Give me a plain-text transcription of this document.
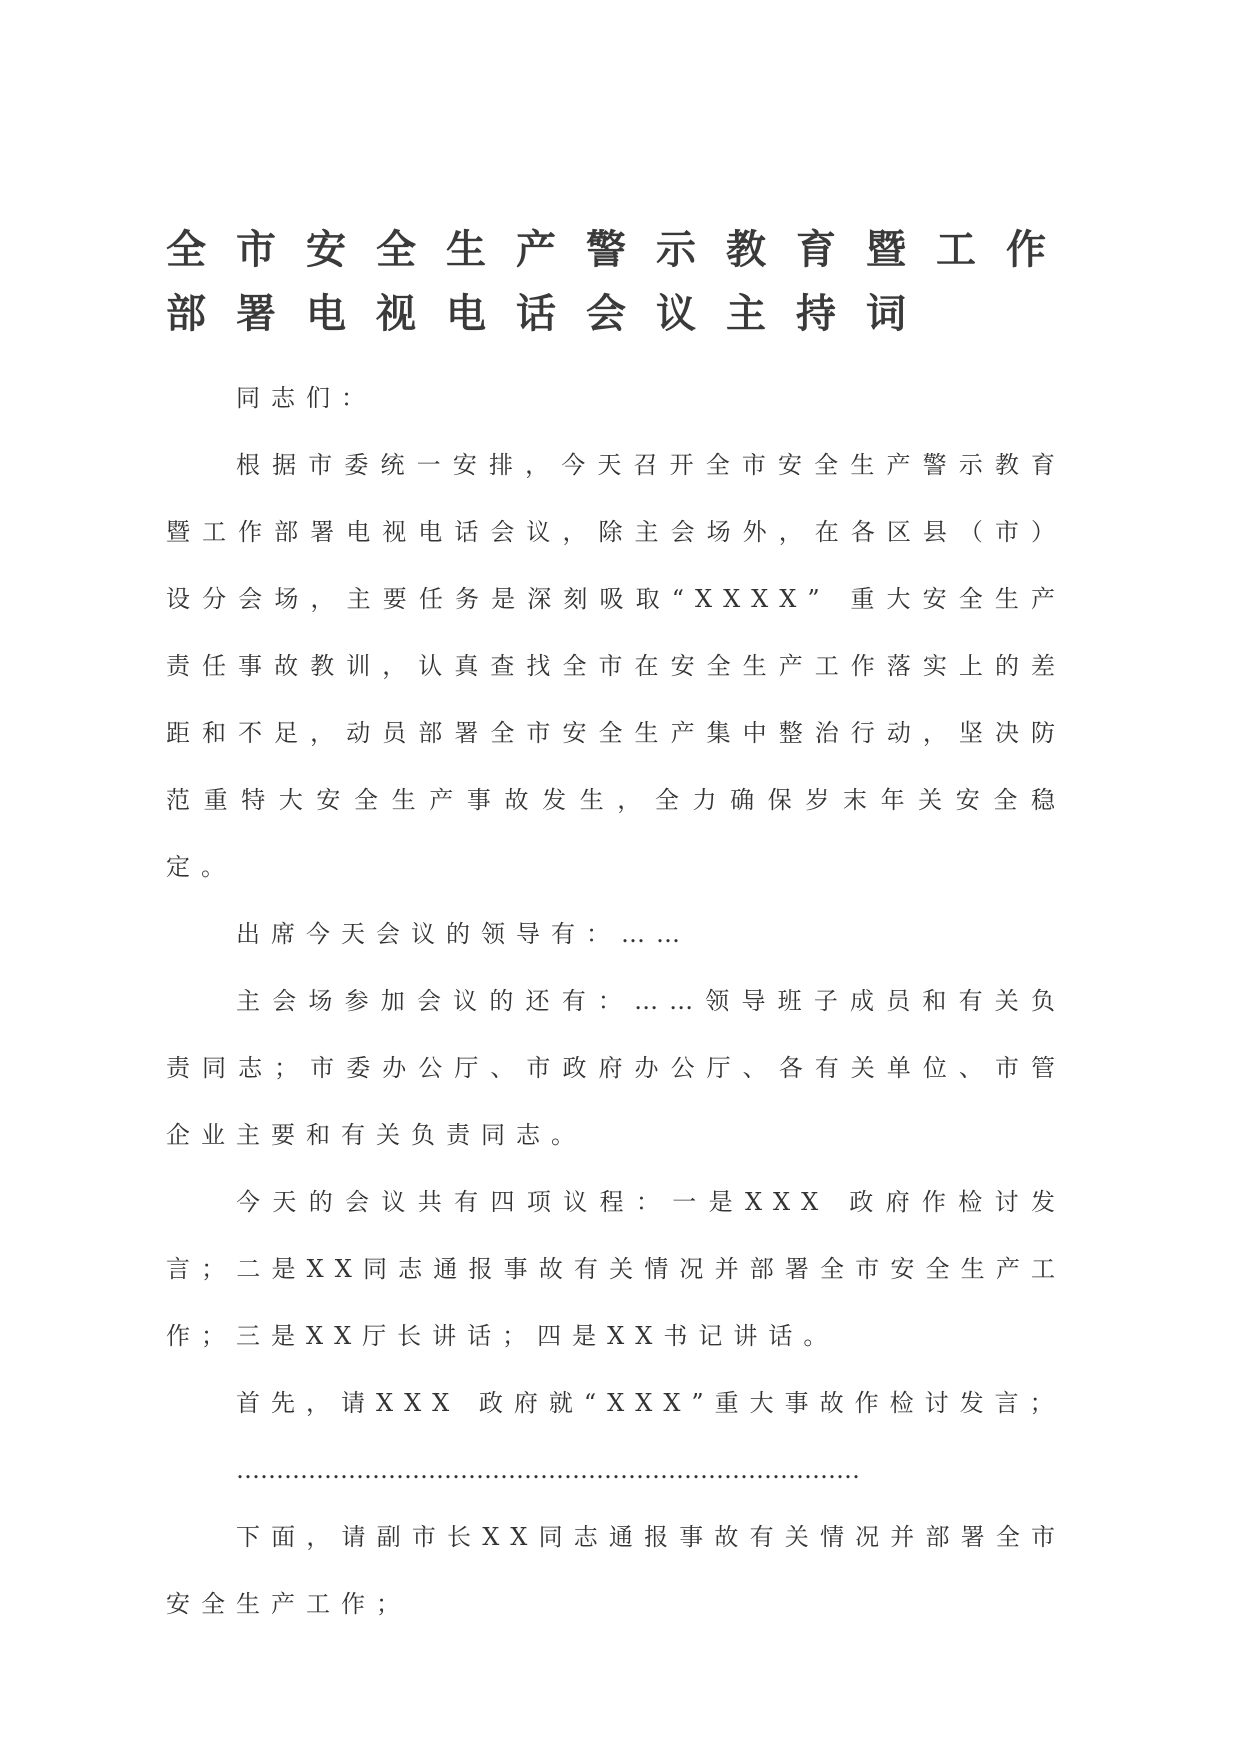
全市安全生产警示教育暨工作
部署电视电话会议主持词

同志们：

根据市委统一安排，今天召开全市安全生产警示教育暨工作部署电视电话会议，除主会场外，在各区县（市）设分会场，主要任务是深刻吸取“XXXX” 重大安全生产责任事故教训，认真查找全市在安全生产工作落实上的差距和不足，动员部署全市安全生产集中整治行动，坚决防范重特大安全生产事故发生，全力确保岁末年关安全稳定。

出席今天会议的领导有：……

主会场参加会议的还有：……领导班子成员和有关负责同志；市委办公厅、市政府办公厅、各有关单位、市管企业主要和有关负责同志。

今天的会议共有四项议程：一是XXX 政府作检讨发言；二是XX同志通报事故有关情况并部署全市安全生产工作；三是XX厅长讲话；四是XX书记讲话。

首先，请XXX 政府就“XXX”重大事故作检讨发言；

……………………………………………………………………

下面，请副市长XX同志通报事故有关情况并部署全市安全生产工作；
